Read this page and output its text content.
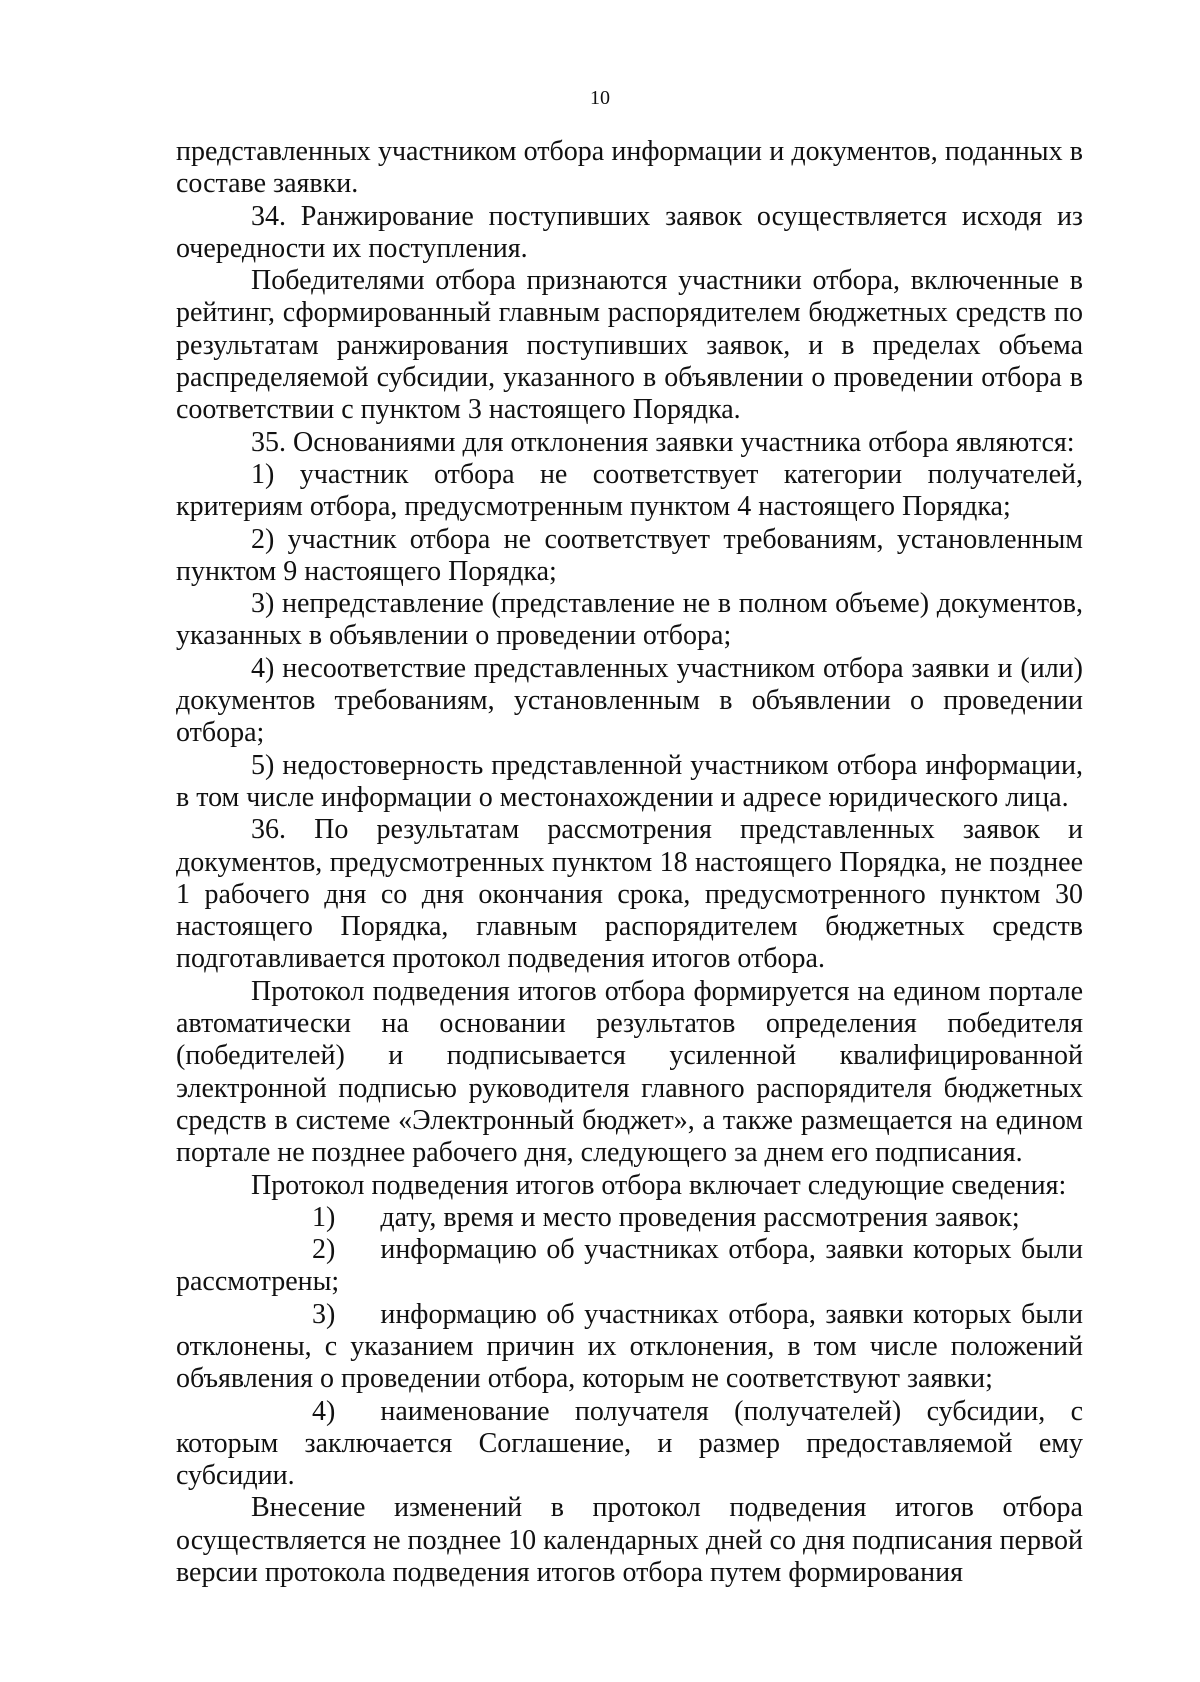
10

представленных участником отбора информации и документов, поданных в составе заявки.

34. Ранжирование поступивших заявок осуществляется исходя из очередности их поступления.

Победителями отбора признаются участники отбора, включенные в рейтинг, сформированный главным распорядителем бюджетных средств по результатам ранжирования поступивших заявок, и в пределах объема распределяемой субсидии, указанного в объявлении о проведении отбора в соответствии с пунктом 3 настоящего Порядка.

35. Основаниями для отклонения заявки участника отбора являются:

1) участник отбора не соответствует категории получателей, критериям отбора, предусмотренным пунктом 4 настоящего Порядка;

2) участник отбора не соответствует требованиям, установленным пунктом 9 настоящего Порядка;

3) непредставление (представление не в полном объеме) документов, указанных в объявлении о проведении отбора;

4) несоответствие представленных участником отбора заявки и (или) документов требованиям, установленным в объявлении о проведении отбора;

5) недостоверность представленной участником отбора информации, в том числе информации о местонахождении и адресе юридического лица.

36. По результатам рассмотрения представленных заявок и документов, предусмотренных пунктом 18 настоящего Порядка, не позднее 1 рабочего дня со дня окончания срока, предусмотренного пунктом 30 настоящего Порядка, главным распорядителем бюджетных средств подготавливается протокол подведения итогов отбора.

Протокол подведения итогов отбора формируется на едином портале автоматически на основании результатов определения победителя (победителей) и подписывается усиленной квалифицированной электронной подписью руководителя главного распорядителя бюджетных средств в системе «Электронный бюджет», а также размещается на едином портале не позднее рабочего дня, следующего за днем его подписания.

Протокол подведения итогов отбора включает следующие сведения:

1) дату, время и место проведения рассмотрения заявок;

2) информацию об участниках отбора, заявки которых были рассмотрены;

3) информацию об участниках отбора, заявки которых были отклонены, с указанием причин их отклонения, в том числе положений объявления о проведении отбора, которым не соответствуют заявки;

4) наименование получателя (получателей) субсидии, с которым заключается Соглашение, и размер предоставляемой ему субсидии.

Внесение изменений в протокол подведения итогов отбора осуществляется не позднее 10 календарных дней со дня подписания первой версии протокола подведения итогов отбора путем формирования
